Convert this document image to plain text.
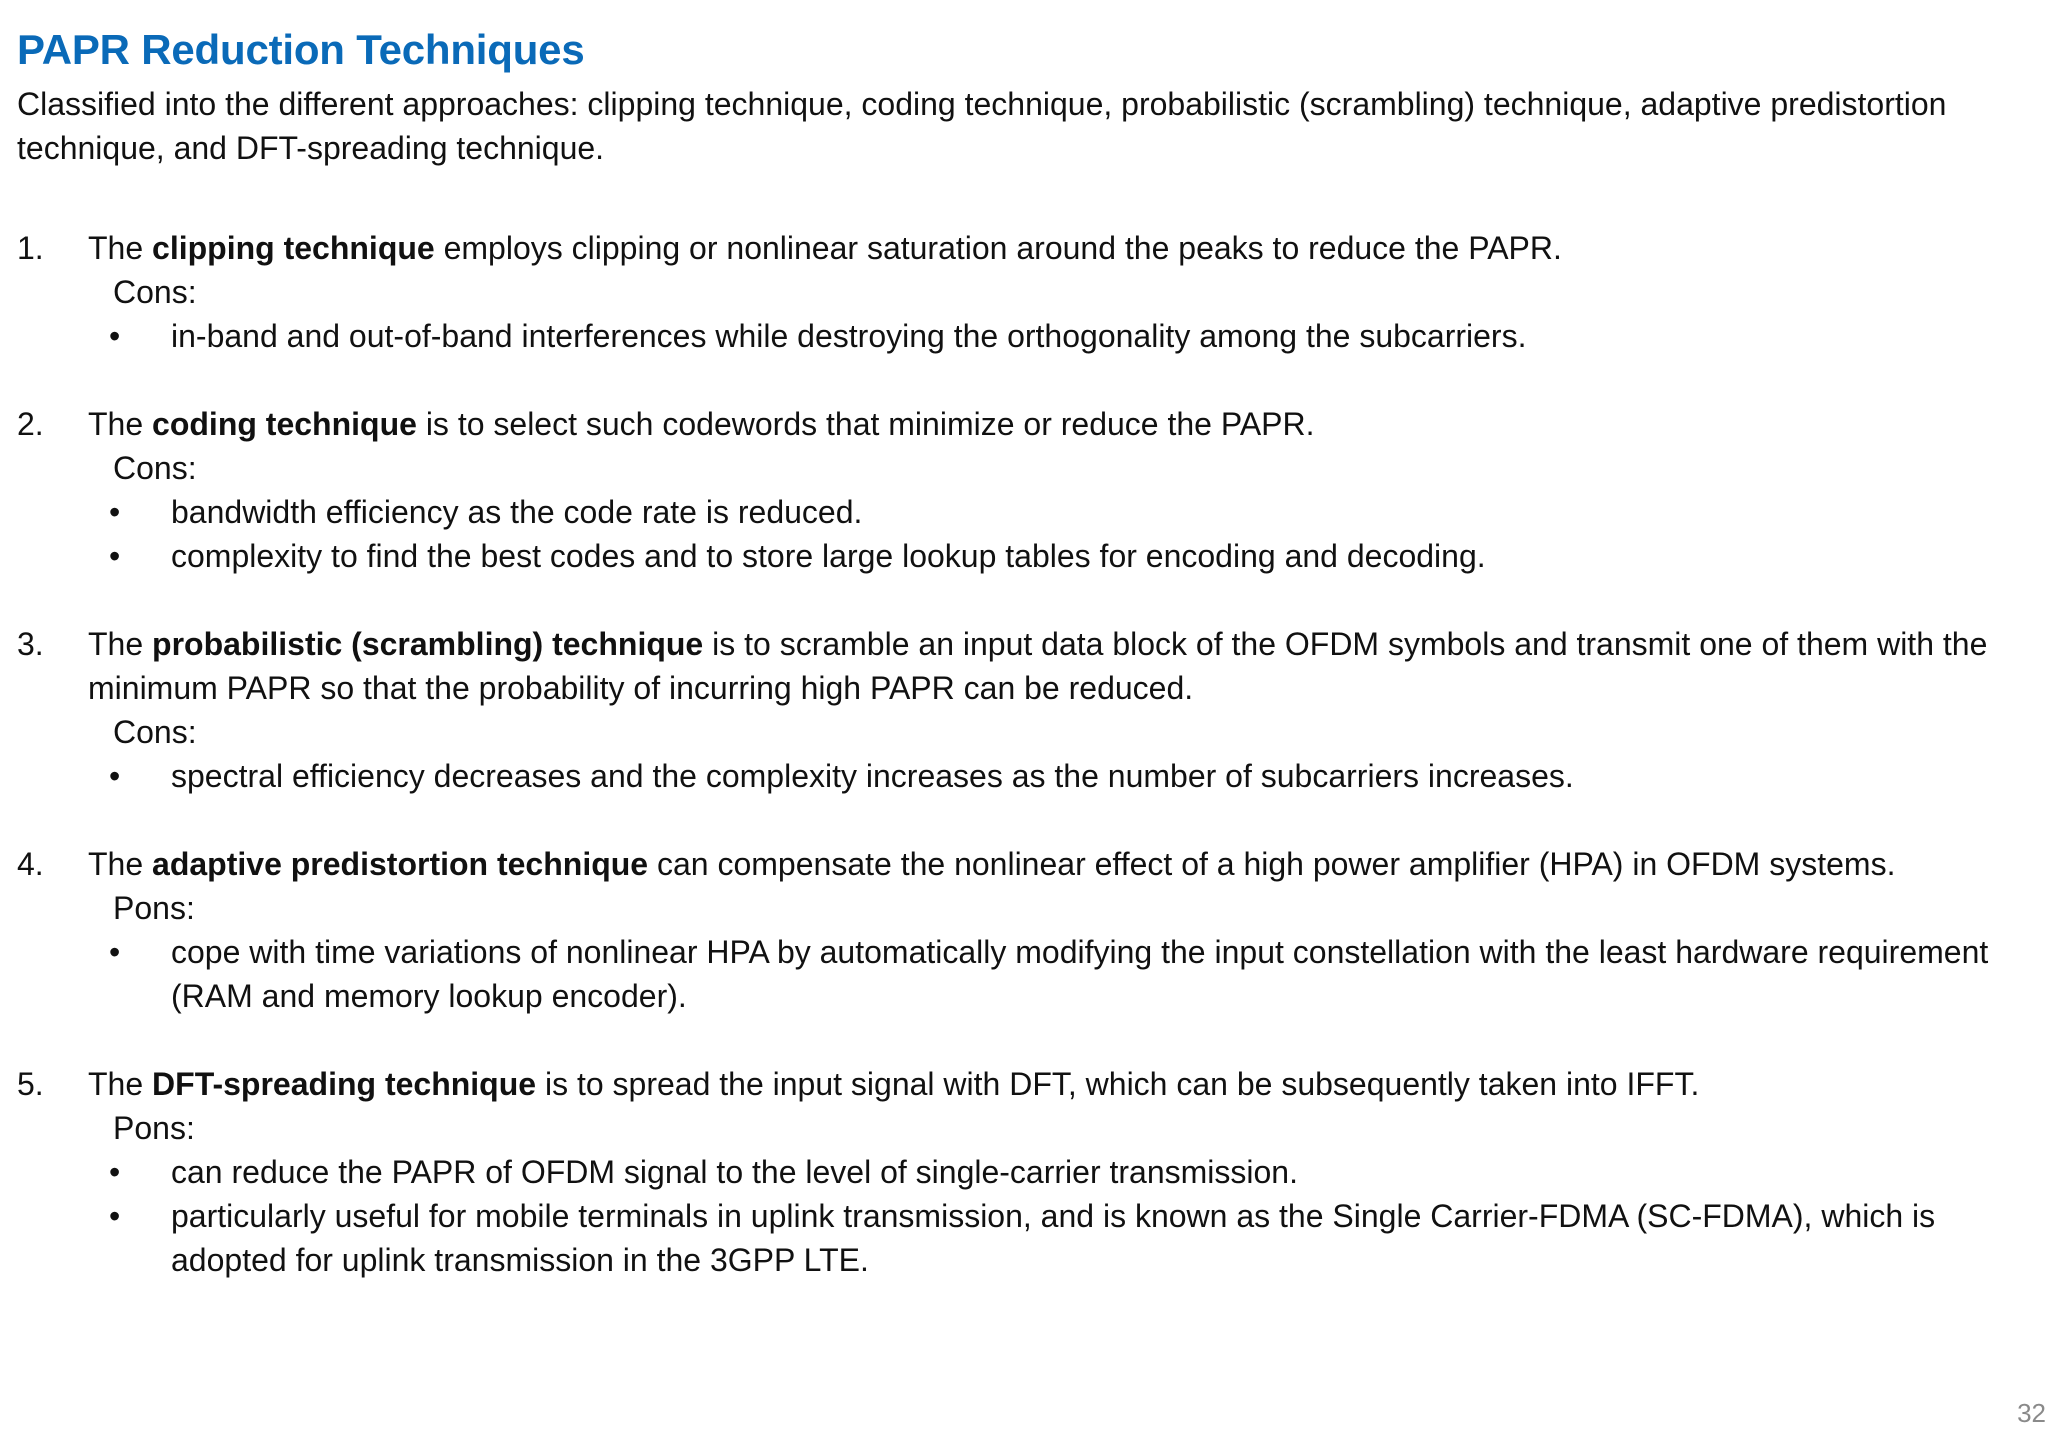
PAPR Reduction Techniques
Classified into the different approaches: clipping technique, coding technique, probabilistic (scrambling) technique, adaptive predistortion technique, and DFT-spreading technique.
1. The clipping technique employs clipping or nonlinear saturation around the peaks to reduce the PAPR.
Cons:
• in-band and out-of-band interferences while destroying the orthogonality among the subcarriers.
2. The coding technique is to select such codewords that minimize or reduce the PAPR.
Cons:
• bandwidth efficiency as the code rate is reduced.
• complexity to find the best codes and to store large lookup tables for encoding and decoding.
3. The probabilistic (scrambling) technique is to scramble an input data block of the OFDM symbols and transmit one of them with the minimum PAPR so that the probability of incurring high PAPR can be reduced.
Cons:
• spectral efficiency decreases and the complexity increases as the number of subcarriers increases.
4. The adaptive predistortion technique can compensate the nonlinear effect of a high power amplifier (HPA) in OFDM systems.
Pons:
• cope with time variations of nonlinear HPA by automatically modifying the input constellation with the least hardware requirement (RAM and memory lookup encoder).
5. The DFT-spreading technique is to spread the input signal with DFT, which can be subsequently taken into IFFT.
Pons:
• can reduce the PAPR of OFDM signal to the level of single-carrier transmission.
• particularly useful for mobile terminals in uplink transmission, and is known as the Single Carrier-FDMA (SC-FDMA), which is adopted for uplink transmission in the 3GPP LTE.
32
